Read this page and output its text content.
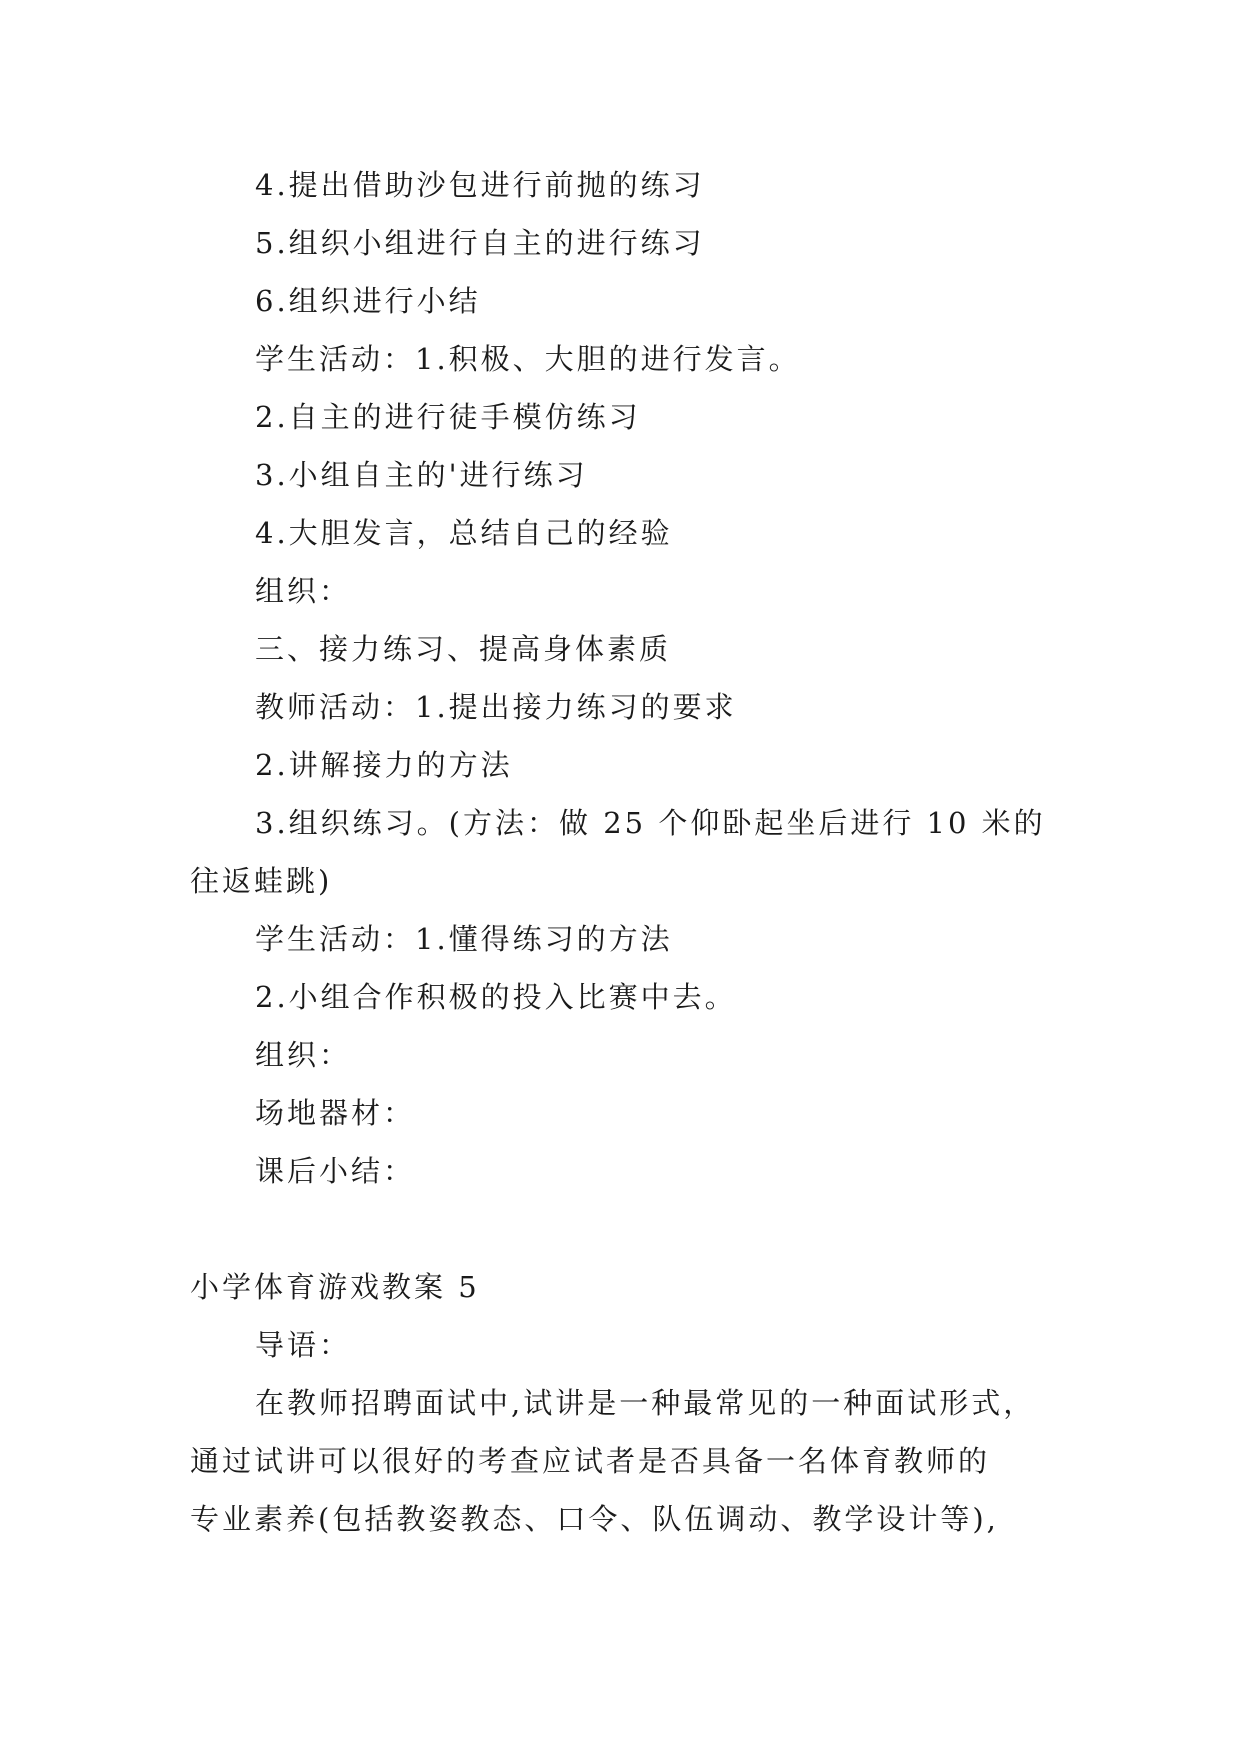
4.提出借助沙包进行前抛的练习
5.组织小组进行自主的进行练习
6.组织进行小结
学生活动：1.积极、大胆的进行发言。
2.自主的进行徒手模仿练习
3.小组自主的'进行练习
4.大胆发言，总结自己的经验
组织：
三、接力练习、提高身体素质
教师活动：1.提出接力练习的要求
2.讲解接力的方法
3.组织练习。(方法：做 25 个仰卧起坐后进行 10 米的
往返蛙跳)
学生活动：1.懂得练习的方法
2.小组合作积极的投入比赛中去。
组织：
场地器材：
课后小结：
小学体育游戏教案 5
导语：
在教师招聘面试中,试讲是一种最常见的一种面试形式，
通过试讲可以很好的考查应试者是否具备一名体育教师的
专业素养(包括教姿教态、口令、队伍调动、教学设计等),
